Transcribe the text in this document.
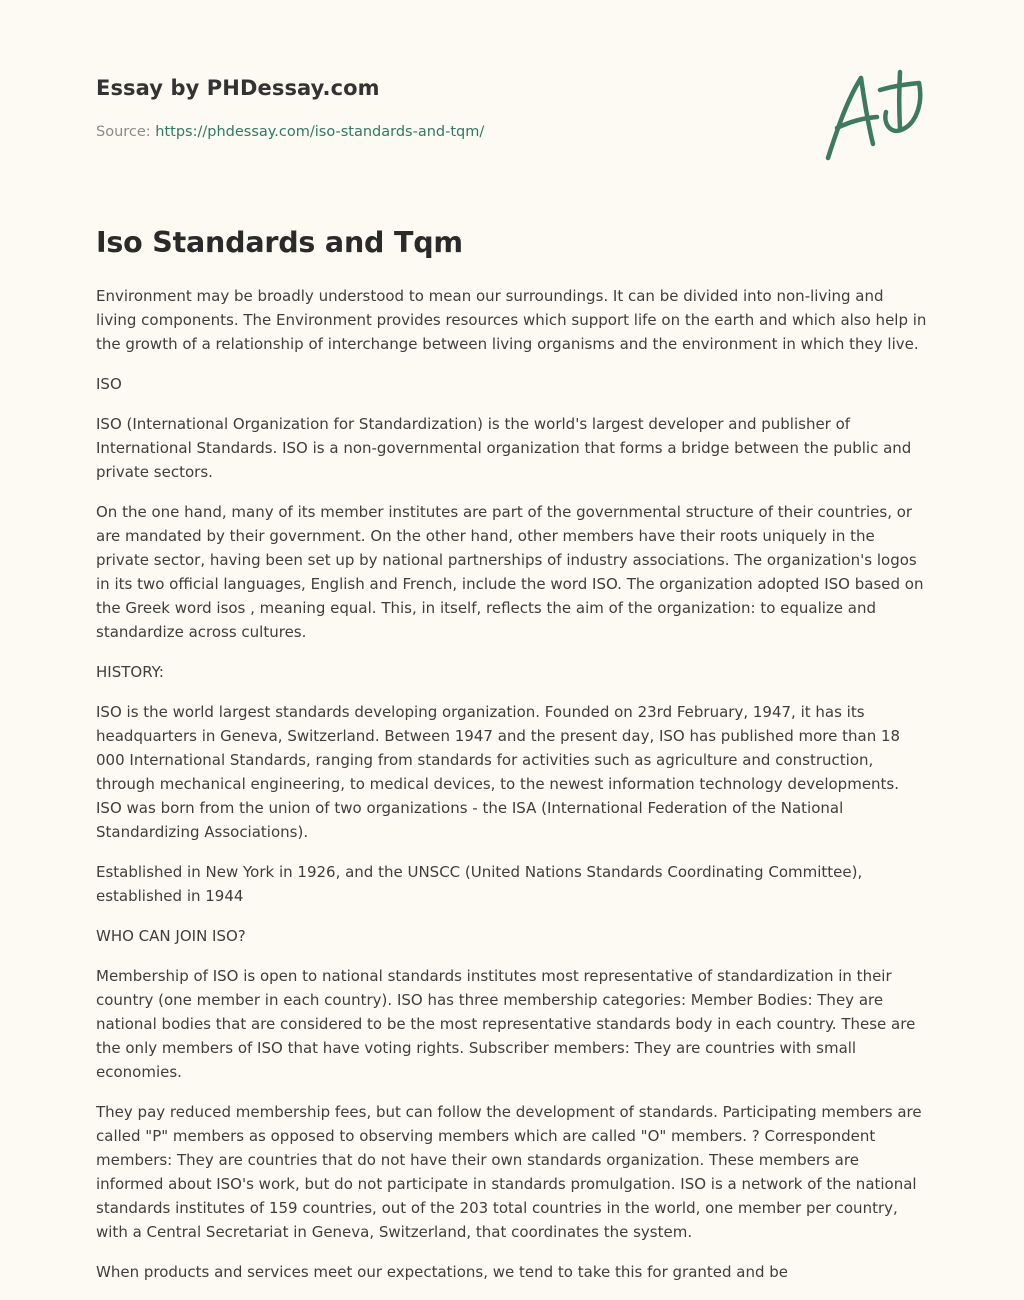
Essay by PHDessay.com
Source: https://phdessay.com/iso-standards-and-tqm/
Iso Standards and Tqm

Environment may be broadly understood to mean our surroundings. It can be divided into non-living and living components. The Environment provides resources which support life on the earth and which also help in the growth of a relationship of interchange between living organisms and the environment in which they live.

ISO

ISO (International Organization for Standardization) is the world's largest developer and publisher of International Standards. ISO is a non-governmental organization that forms a bridge between the public and private sectors.

On the one hand, many of its member institutes are part of the governmental structure of their countries, or are mandated by their government. On the other hand, other members have their roots uniquely in the private sector, having been set up by national partnerships of industry associations. The organization's logos in its two official languages, English and French, include the word ISO. The organization adopted ISO based on the Greek word isos , meaning equal. This, in itself, reflects the aim of the organization: to equalize and standardize across cultures.

HISTORY:

ISO is the world largest standards developing organization. Founded on 23rd February, 1947, it has its headquarters in Geneva, Switzerland. Between 1947 and the present day, ISO has published more than 18 000 International Standards, ranging from standards for activities such as agriculture and construction, through mechanical engineering, to medical devices, to the newest information technology developments. ISO was born from the union of two organizations - the ISA (International Federation of the National Standardizing Associations).

Established in New York in 1926, and the UNSCC (United Nations Standards Coordinating Committee), established in 1944

WHO CAN JOIN ISO?

Membership of ISO is open to national standards institutes most representative of standardization in their country (one member in each country). ISO has three membership categories: Member Bodies: They are national bodies that are considered to be the most representative standards body in each country. These are the only members of ISO that have voting rights. Subscriber members: They are countries with small economies.

They pay reduced membership fees, but can follow the development of standards. Participating members are called "P" members as opposed to observing members which are called "O" members. ? Correspondent members: They are countries that do not have their own standards organization. These members are informed about ISO's work, but do not participate in standards promulgation. ISO is a network of the national standards institutes of 159 countries, out of the 203 total countries in the world, one member per country, with a Central Secretariat in Geneva, Switzerland, that coordinates the system.

When products and services meet our expectations, we tend to take this for granted and be
